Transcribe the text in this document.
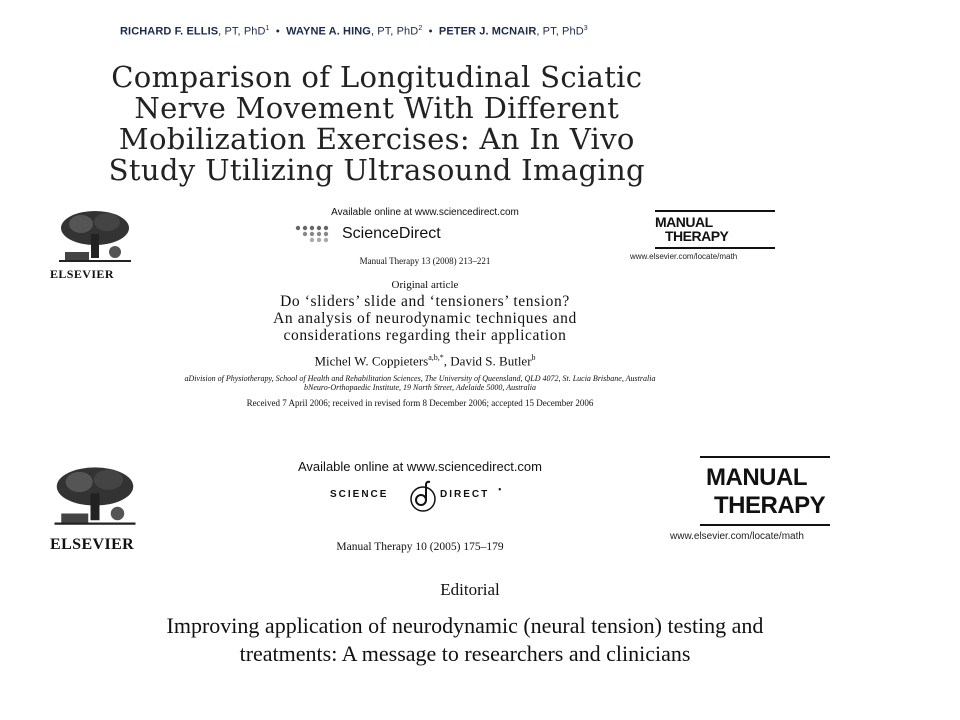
RICHARD F. ELLIS, PT, PhD$^1$ • WAYNE A. HING, PT, PhD$^2$ • PETER J. MCNAIR, PT, PhD$^3$
Comparison of Longitudinal Sciatic
Nerve Movement With Different
Mobilization Exercises: An In Vivo
Study Utilizing Ultrasound Imaging
ELSEVIER
Available online at www.sciencedirect.com
ScienceDirect
Manual Therapy 13 (2008) 213–221
MANUAL
THERAPY
www.elsevier.com/locate/math
Original article
Do ‘sliders’ slide and ‘tensioners’ tension?
An analysis of neurodynamic techniques and
considerations regarding their application
Michel W. Coppieters$^{a,b,*}$, David S. Butler$^b$
aDivision of Physiotherapy, School of Health and Rehabilitation Sciences, The University of Queensland, QLD 4072, St. Lucia Brisbane, Australia
bNeuro-Orthopaedic Institute, 19 North Street, Adelaide 5000, Australia
Received 7 April 2006; received in revised form 8 December 2006; accepted 15 December 2006
ELSEVIER
Available online at www.sciencedirect.com
SCIENCE	DIRECT •
Manual Therapy 10 (2005) 175–179
MANUAL
THERAPY
www.elsevier.com/locate/math
Editorial
Improving application of neurodynamic (neural tension) testing and
treatments: A message to researchers and clinicians
